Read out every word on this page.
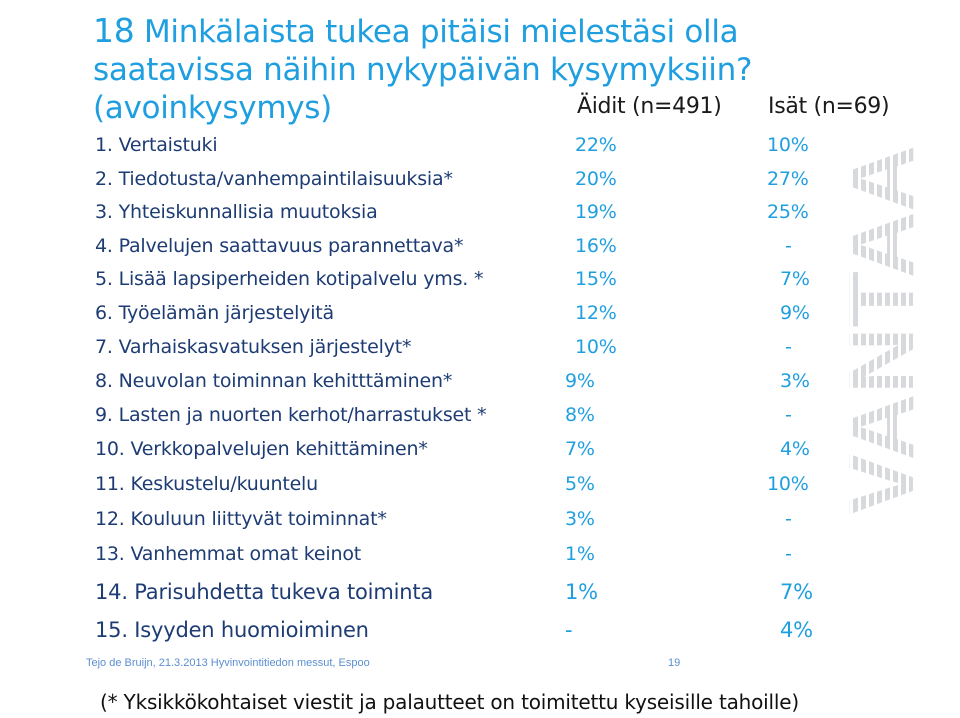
18 Minkälaista tukea pitäisi mielestäsi olla saatavissa näihin nykypäivän kysymyksiin? (avoinkysymys)	Äidit (n=491) Isät (n=69)
1. Vertaistuki	22%	10%
2. Tiedotusta/vanhempaintilaisuuksia*	20%	27%
3. Yhteiskunnallisia muutoksia	19%	25%
4. Palvelujen saattavuus parannettava*	16%	-
5. Lisää lapsiperheiden kotipalvelu yms. *	15%	7%
6. Työelämän järjestelyitä	12%	9%
7. Varhaiskasvatuksen järjestelyt*	10%	-
8. Neuvolan toiminnan kehitttäminen*	9%	3%
9. Lasten ja nuorten kerhot/harrastukset *	8%	-
10. Verkkopalvelujen kehittäminen*	7%	4%
11. Keskustelu/kuuntelu	5%	10%
12. Kouluun liittyvät toiminnat*	3%	-
13. Vanhemmat omat keinot	1%	-
14. Parisuhdetta tukeva toiminta	1%	7%
15. Isyyden huomioiminen	-	4%
Tejo de Bruijn, 21.3.2013 Hyvinvointitiedon messut, Espoo	19
(* Yksikkökohtaiset viestit ja palautteet on toimitettu kyseisille tahoille)
VANTAA
